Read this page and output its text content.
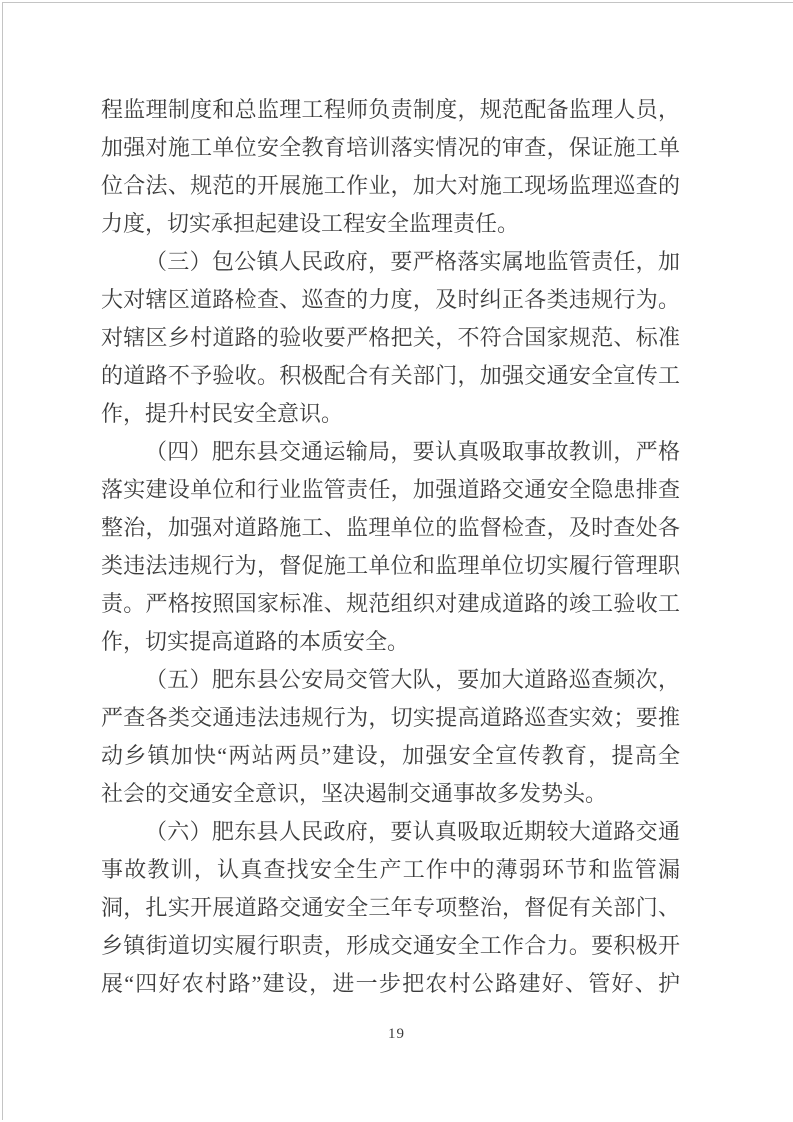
程监理制度和总监理工程师负责制度，规范配备监理人员，
加强对施工单位安全教育培训落实情况的审查，保证施工单
位合法、规范的开展施工作业，加大对施工现场监理巡查的
力度，切实承担起建设工程安全监理责任。
（三）包公镇人民政府，要严格落实属地监管责任，加
大对辖区道路检查、巡查的力度，及时纠正各类违规行为。
对辖区乡村道路的验收要严格把关，不符合国家规范、标准
的道路不予验收。积极配合有关部门，加强交通安全宣传工
作，提升村民安全意识。
（四）肥东县交通运输局，要认真吸取事故教训，严格
落实建设单位和行业监管责任，加强道路交通安全隐患排查
整治，加强对道路施工、监理单位的监督检查，及时查处各
类违法违规行为，督促施工单位和监理单位切实履行管理职
责。严格按照国家标准、规范组织对建成道路的竣工验收工
作，切实提高道路的本质安全。
（五）肥东县公安局交管大队，要加大道路巡查频次，
严查各类交通违法违规行为，切实提高道路巡查实效；要推
动乡镇加快“两站两员”建设，加强安全宣传教育，提高全
社会的交通安全意识，坚决遏制交通事故多发势头。
（六）肥东县人民政府，要认真吸取近期较大道路交通
事故教训，认真查找安全生产工作中的薄弱环节和监管漏
洞，扎实开展道路交通安全三年专项整治，督促有关部门、
乡镇街道切实履行职责，形成交通安全工作合力。要积极开
展“四好农村路”建设，进一步把农村公路建好、管好、护
19
